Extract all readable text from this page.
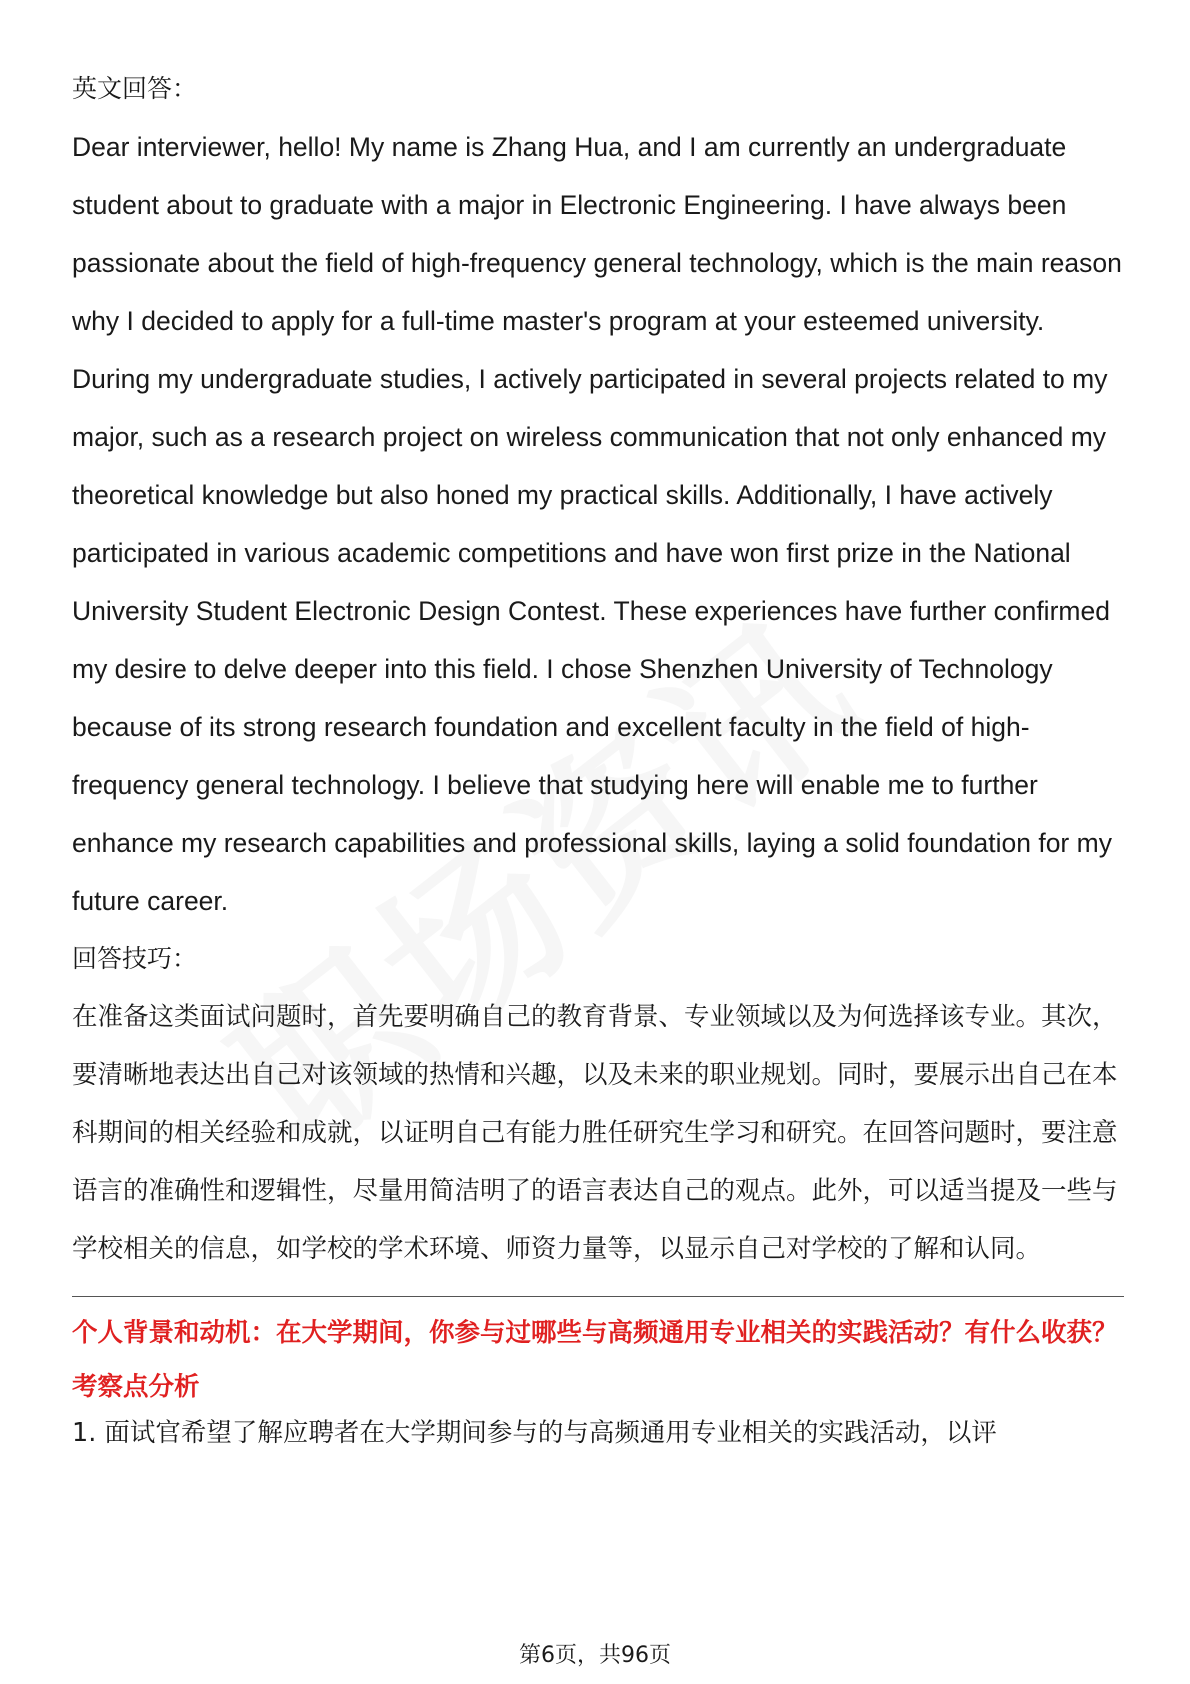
英文回答：

Dear interviewer, hello! My name is Zhang Hua, and I am currently an undergraduate student about to graduate with a major in Electronic Engineering. I have always been passionate about the field of high-frequency general technology, which is the main reason why I decided to apply for a full-time master's program at your esteemed university. During my undergraduate studies, I actively participated in several projects related to my major, such as a research project on wireless communication that not only enhanced my theoretical knowledge but also honed my practical skills. Additionally, I have actively participated in various academic competitions and have won first prize in the National University Student Electronic Design Contest. These experiences have further confirmed my desire to delve deeper into this field. I chose Shenzhen University of Technology because of its strong research foundation and excellent faculty in the field of high-frequency general technology. I believe that studying here will enable me to further enhance my research capabilities and professional skills, laying a solid foundation for my future career.

回答技巧：

在准备这类面试问题时，首先要明确自己的教育背景、专业领域以及为何选择该专业。其次，要清晰地表达出自己对该领域的热情和兴趣，以及未来的职业规划。同时，要展示出自己在本科期间的相关经验和成就，以证明自己有能力胜任研究生学习和研究。在回答问题时，要注意语言的准确性和逻辑性，尽量用简洁明了的语言表达自己的观点。此外，可以适当提及一些与学校相关的信息，如学校的学术环境、师资力量等，以显示自己对学校的了解和认同。

个人背景和动机：在大学期间，你参与过哪些与高频通用专业相关的实践活动？有什么收获？
考察点分析
1. 面试官希望了解应聘者在大学期间参与的与高频通用专业相关的实践活动，以评
第6页，共96页
